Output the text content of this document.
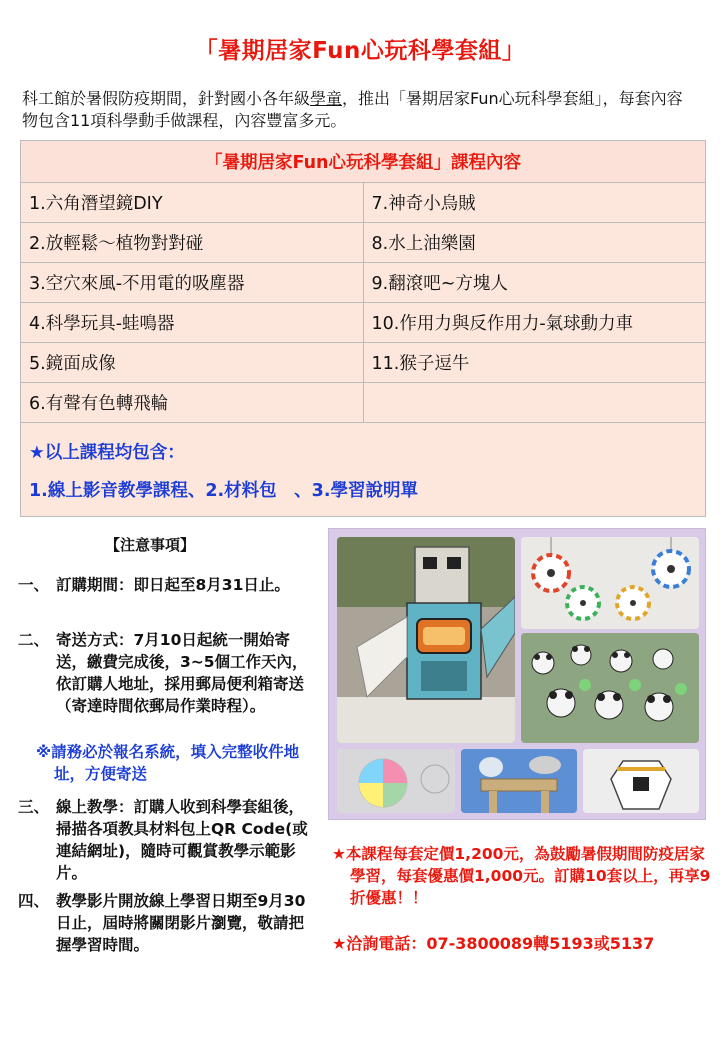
「暑期居家Fun心玩科學套組」
科工館於暑假防疫期間，針對國小各年級學童，推出「暑期居家Fun心玩科學套組」，每套內容物包含11項科學動手做課程，內容豐富多元。
「暑期居家Fun心玩科學套組」課程內容	
1.六角潛望鏡DIY	7.神奇小烏賊
2.放輕鬆～植物對對碰	8.水上油樂園
3.空穴來風-不用電的吸塵器	9.翻滾吧~方塊人
4.科學玩具-蛙鳴器	10.作用力與反作用力-氣球動力車
5.鏡面成像	11.猴子逗牛
6.有聲有色轉飛輪	

★以上課程均包含：
1.線上影音教學課程、2.材料包　、3.學習說明單	
【注意事項】
一、 訂購期間：即日起至8月31日止。
二、 寄送方式：7月10日起統一開始寄送，繳費完成後，3~5個工作天內，依訂購人地址，採用郵局便利箱寄送（寄達時間依郵局作業時程）。
※請務必於報名系統，填入完整收件地址，方便寄送
三、 線上教學：訂購人收到科學套組後，掃描各項教具材料包上QR Code(或連結網址)，隨時可觀賞教學示範影片。
四、 教學影片開放線上學習日期至9月30日止，屆時將關閉影片瀏覽，敬請把握學習時間。
★本課程每套定價1,200元，為鼓勵暑假期間防疫居家學習，每套優惠價1,000元。訂購10套以上，再享9折優惠！！
★洽詢電話：07-3800089轉5193或5137
